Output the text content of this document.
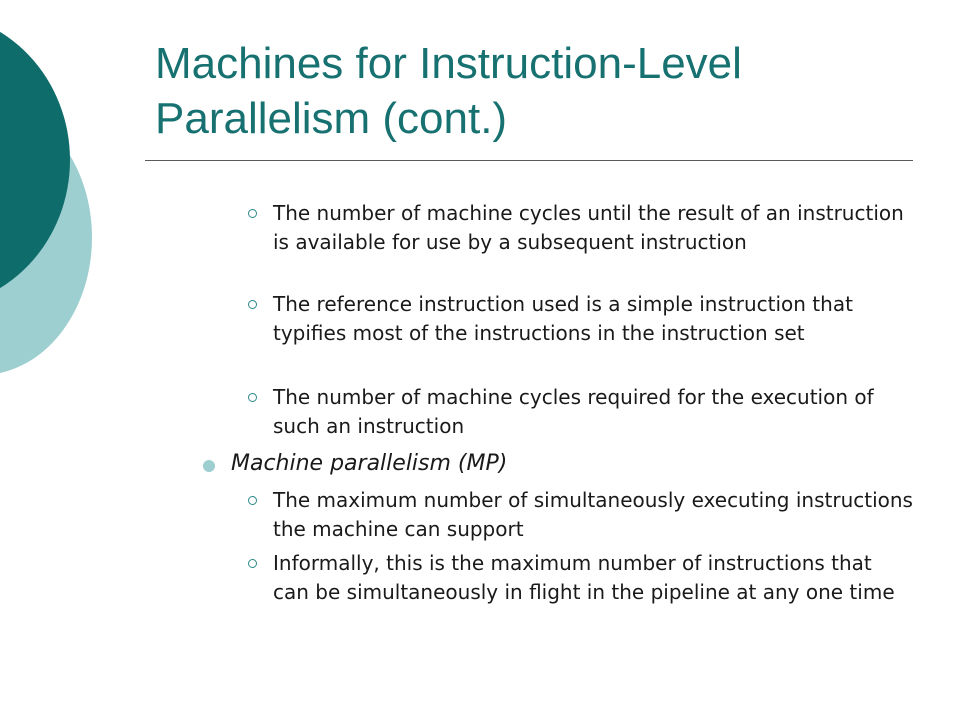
Machines for Instruction-Level
Parallelism (cont.)
The number of machine cycles until the result of an instruction is available for use by a subsequent instruction
The reference instruction used is a simple instruction that typifies most of the instructions in the instruction set
The number of machine cycles required for the execution of such an instruction
Machine parallelism (MP)
The maximum number of simultaneously executing instructions the machine can support
Informally, this is the maximum number of instructions that can be simultaneously in flight in the pipeline at any one time
